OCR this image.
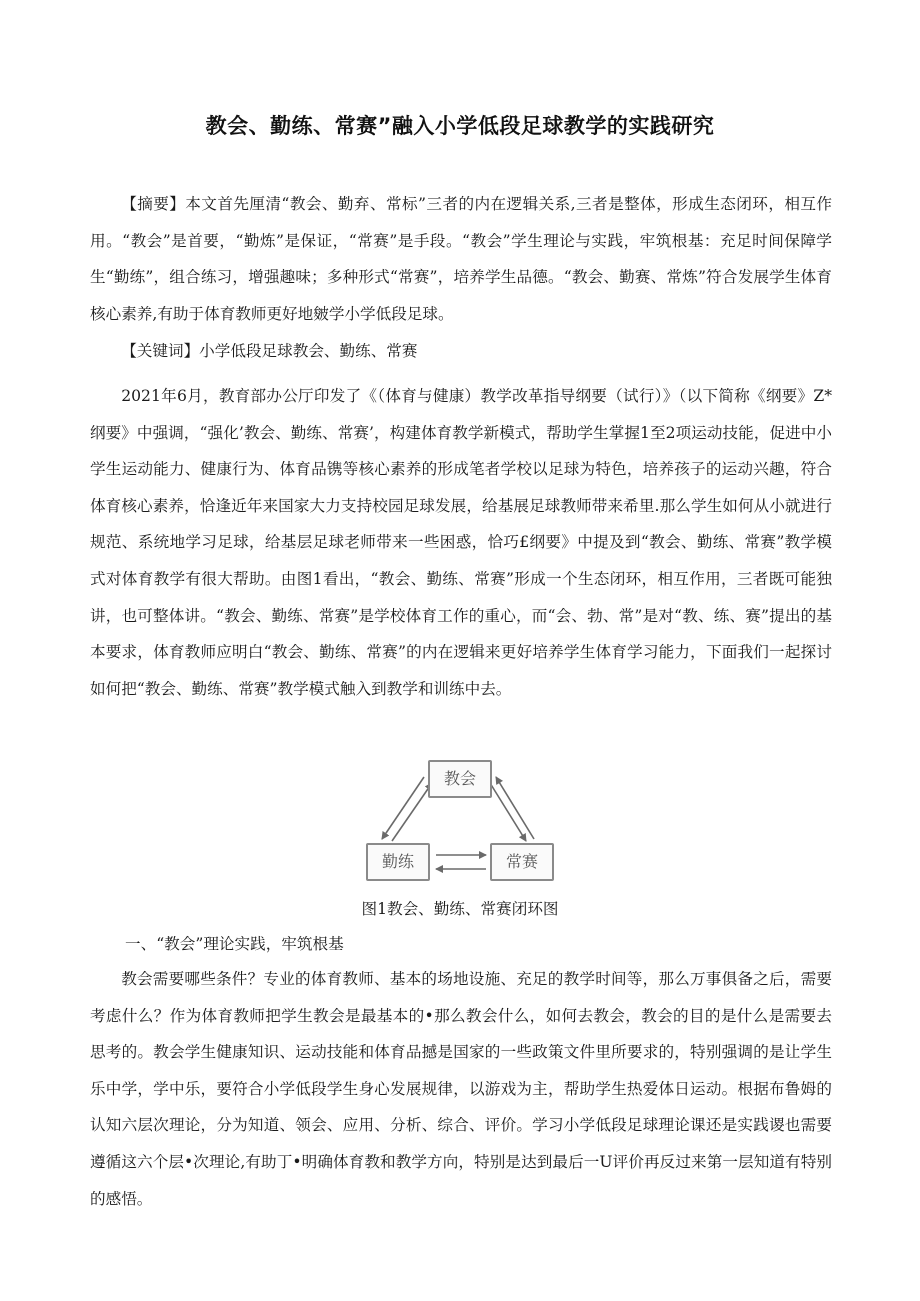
教会、勤练、常赛”融入小学低段足球教学的实践研究

【摘要】本文首先厘清“教会、勤弃、常标”三者的内在逻辑关系,三者是整体，形成生态闭环，相互作用。“教会”是首要，“勤炼”是保证，“常赛”是手段。“教会”学生理论与实践，牢筑根基：充足时间保障学生“勤练”，组合练习，增强趣味；多种形式“常赛”，培养学生品德。“教会、勤赛、常炼”符合发展学生体育核心素养,有助于体育教师更好地皴学小学低段足球。

【关键词】小学低段足球教会、勤练、常赛

2021年6月，教育部办公厅印发了《（体育与健康）教学改革指导纲要（试行）》（以下简称《纲要》Z*纲要》中强调，“强化’教会、勤练、常赛’，构建体育教学新模式，帮助学生掌握1至2项运动技能，促进中小学生运动能力、健康行为、体育品镌等核心素养的形成笔者学校以足球为特色，培养孩子的运动兴趣，符合体育核心素养，恰逢近年来国家大力支持校园足球发展，给基展足球教师带来希里.那么学生如何从小就进行规范、系统地学习足球，给基层足球老师带来一些困惑，恰巧£纲要》中提及到“教会、勤练、常赛”教学模式对体育教学有很大帮助。由图1看出，“教会、勤练、常赛”形成一个生态闭环，相互作用，三者既可能独讲，也可整体讲。“教会、勤练、常赛”是学校体育工作的重心，而“会、勃、常”是对“教、练、赛”提出的基本要求，体育教师应明白“教会、勤练、常赛”的内在逻辑来更好培养学生体育学习能力，下面我们一起探讨如何把“教会、勤练、常赛”教学模式触入到教学和训练中去。

教会
勤练	常赛
图1教会、勤练、常赛闭环图

一、“教会”理论实践，牢筑根基

教会需要哪些条件？专业的体育教师、基本的场地设施、充足的教学时间等，那么万事俱备之后，需要考虑什么？作为体育教师把学生教会是最基本的•那么教会什么，如何去教会，教会的目的是什么是需要去思考的。教会学生健康知识、运动技能和体育品撼是国家的一些政策文件里所要求的，特别强调的是让学生乐中学，学中乐，要符合小学低段学生身心发展规律，以游戏为主，帮助学生热爱体日运动。根据布鲁姆的认知六层次理论，分为知道、领会、应用、分析、综合、评价。学习小学低段足球理论课还是实践谡也需要遵循这六个层•次理论,有助丁•明确体育教和教学方向，特别是达到最后一U评价再反过来第一层知道有特别的感悟。
